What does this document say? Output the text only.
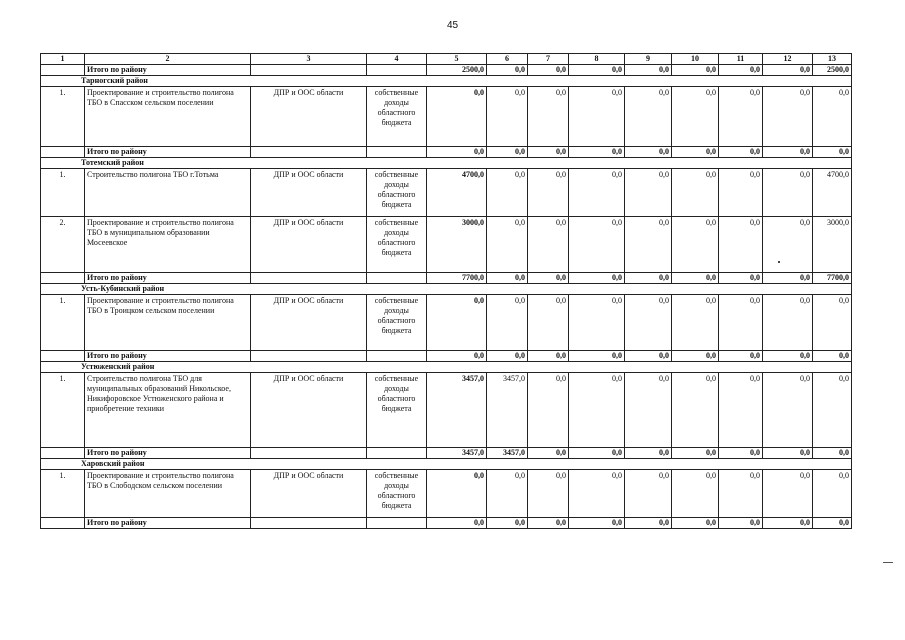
45
1	2	3	4	5	6	7	8	9	10	11	12	13
	Итого по району			2500,0	0,0	0,0	0,0	0,0	0,0	0,0	0,0	2500,0
Тарногский район												
1.	Проектирование и строительство полигона ТБО в Спасском сельском поселении	ДПР и ООС области	собственные доходы областного бюджета	0,0	0,0	0,0	0,0	0,0	0,0	0,0	0,0	0,0
	Итого по району			0,0	0,0	0,0	0,0	0,0	0,0	0,0	0,0	0,0
Тотемский район												
1.	Строительство полигона ТБО г.Тотьма	ДПР и ООС области	собственные доходы областного бюджета	4700,0	0,0	0,0	0,0	0,0	0,0	0,0	0,0	4700,0
2.	Проектирование и строительство полигона ТБО в муниципальном образовании Мосеевское	ДПР и ООС области	собственные доходы областного бюджета	3000,0	0,0	0,0	0,0	0,0	0,0	0,0	0,0	3000,0
	Итого по району			7700,0	0,0	0,0	0,0	0,0	0,0	0,0	0,0	7700,0
Усть-Кубинский район												
1.	Проектирование и строительство полигона ТБО в Троицком сельском поселении	ДПР и ООС области	собственные доходы областного бюджета	0,0	0,0	0,0	0,0	0,0	0,0	0,0	0,0	0,0
	Итого по району			0,0	0,0	0,0	0,0	0,0	0,0	0,0	0,0	0,0
Устюженский район												
1.	Строительство полигона ТБО для муниципальных образований Никольское, Никифоровское Устюженского района и приобретение техники	ДПР и ООС области	собственные доходы областного бюджета	3457,0	3457,0	0,0	0,0	0,0	0,0	0,0	0,0	0,0
	Итого по району			3457,0	3457,0	0,0	0,0	0,0	0,0	0,0	0,0	0,0
Харовский район												
1.	Проектирование и строительство полигона ТБО в Слободском сельском поселении	ДПР и ООС области	собственные доходы областного бюджета	0,0	0,0	0,0	0,0	0,0	0,0	0,0	0,0	0,0
	Итого по району			0,0	0,0	0,0	0,0	0,0	0,0	0,0	0,0	0,0
